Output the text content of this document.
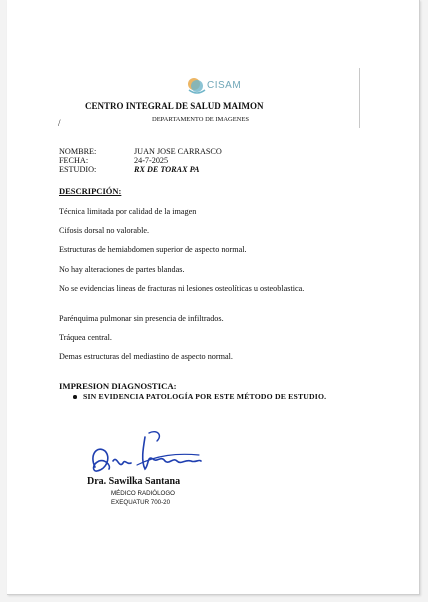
CISAM
CENTRO INTEGRAL DE SALUD MAIMON
/	DEPARTAMENTO DE IMAGENES
NOMBRE:	JUAN JOSE CARRASCO
FECHA:	24-7-2025
ESTUDIO:	RX DE TORAX PA
DESCRIPCIÓN:
Técnica limitada por calidad de la imagen
Cifosis dorsal no valorable.
Estructuras de hemiabdomen superior de aspecto normal.
No hay alteraciones de partes blandas.
No se evidencias lineas de fracturas ni lesiones osteolíticas u osteoblastica.
Parénquima pulmonar sin presencia de infiltrados.
Tráquea central.
Demas estructuras del mediastino de aspecto normal.
IMPRESION DIAGNOSTICA:
SIN EVIDENCIA PATOLOGÍA POR ESTE MÉTODO DE ESTUDIO.
Dra. Sawilka Santana
MÉDICO RADIÓLOGO
EXEQUATUR 700-20
